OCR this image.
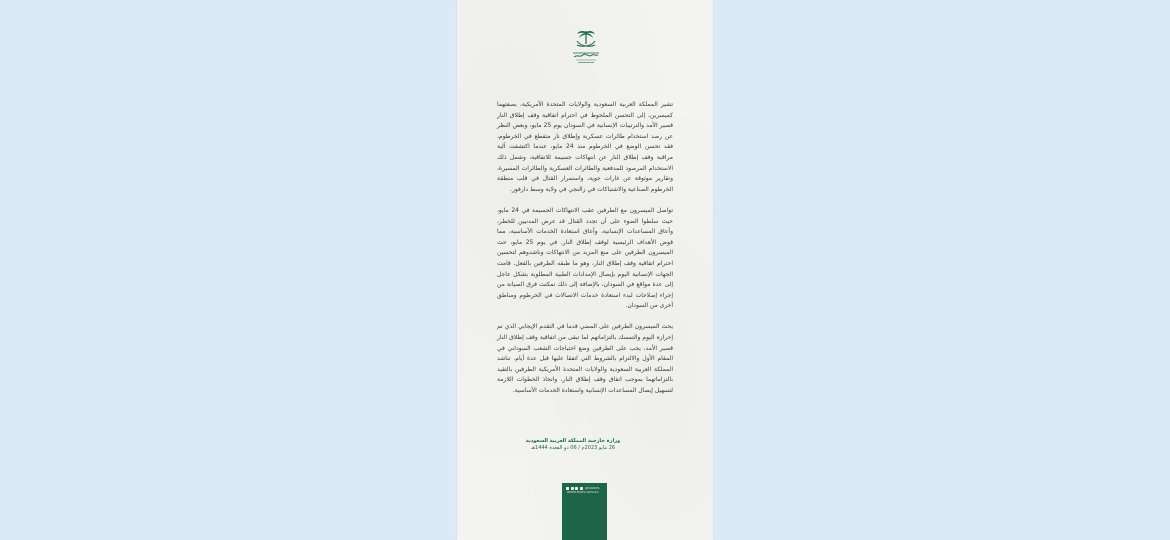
تشير المملكة العربية السعودية والولايات المتحدة الأمريكية، بصفتهما كميسرين، إلى التحسن الملحوظ في احترام اتفاقية وقف إطلاق النار قصير الأمد والترتيبات الإنسانية في السودان يوم 25 مايو، وبعض النظر عن رصد استخدام طائرات عسكرية وإطلاق نار متقطع في الخرطوم، فقد تحسن الوضع في الخرطوم منذ 24 مايو، عندما اكتشفت آلية مراقبة وقف إطلاق النار عن انتهاكات جسيمة للاتفاقية، وشمل ذلك الاستخدام المرصود للمدفعية والطائرات العسكرية والطائرات المسيرة، وتقارير موثوقة عن غارات جوية، واستمرار القتال في قلب منطقة الخرطوم الصناعية والاشتباكات في زالنجي في ولاية وسط دارفور.

تواصل الميسرون مع الطرفين عقب الانتهاكات الجسيمة في 24 مايو، حيث سلطوا الضوء على أن تجدد القتال قد عرض المدنيين للخطر، وأعاق المساعدات الإنسانية، وأعاق استعادة الخدمات الأساسية، مما قوض الأهداف الرئيسية لوقف إطلاق النار. في يوم 25 مايو، حث الميسرون الطرفين على منع المزيد من الانتهاكات وناشدوهم لتحسين احترام اتفاقية وقف إطلاق النار، وهو ما طبقه الطرفين بالفعل. قامت الجهات الإنسانية اليوم بإيصال الإمدادات الطبية المطلوبة بشكل عاجل إلى عدة مواقع في السودان، بالإضافة إلى ذلك تمكنت فرق الصيانة من إجراء إصلاحات لبدء استعادة خدمات الاتصالات في الخرطوم ومناطق أخرى من السودان.

يحث الميسرون الطرفين على المضي قدما في التقدم الإيجابي الذي تم إحرازه اليوم والتمسك بالتزاماتهم لما تبقى من اتفاقية وقف إطلاق النار قصير الأمد، يجب على الطرفين وضع احتياجات الشعب السوداني في المقام الأول والالتزام بالشروط التي اتفقا عليها قبل عدة أيام. تناشد المملكة العربية السعودية والولايات المتحدة الأمريكية الطرفين بالتقيد بالتزاماتهما بموجب اتفاق وقف إطلاق النار، واتخاذ الخطوات اللازمة لتسهيل إيصال المساعدات الإنسانية واستعادة الخدمات الأساسية.

وزارة خارجية المملكة العربية السعودية
26 مايو 2023م / 06 ذو القعدة 1444هـ
@KSAMOFA
WWW.MOFA.GOV.SA
